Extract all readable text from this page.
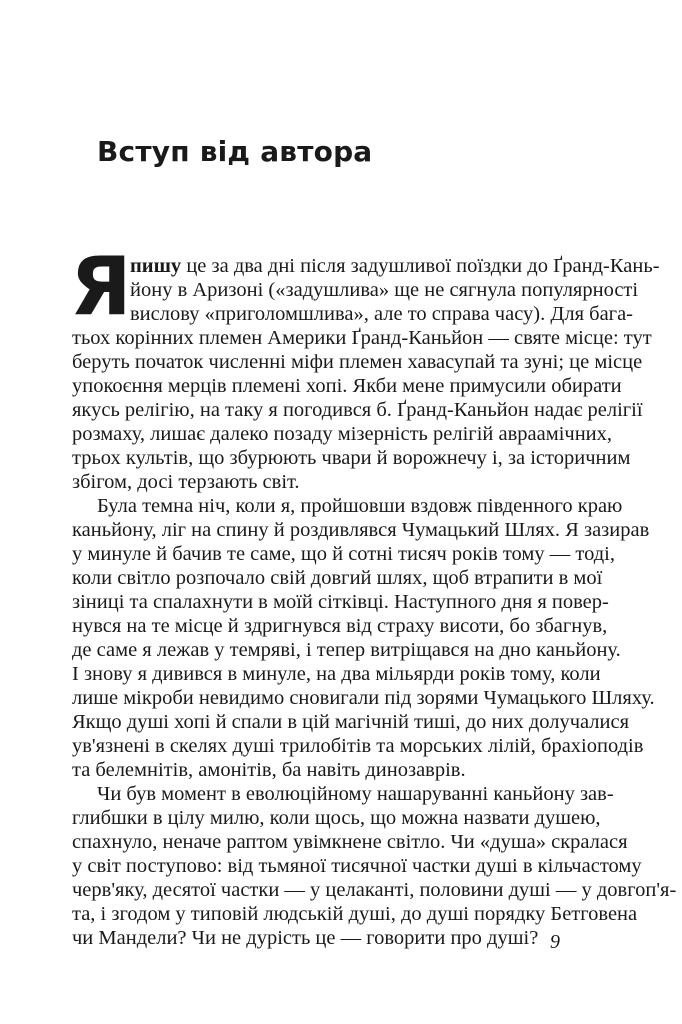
Вступ від автора
Я
пишу це за два дні після задушливої поїздки до Ґранд-Кань-
йону в Аризоні («задушлива» ще не сягнула популярності
вислову «приголомшлива», але то справа часу). Для бага-
тьох корінних племен Америки Ґранд-Каньйон — святе місце: тут
беруть початок численні міфи племен хавасупай та зуні; це місце
упокоєння мерців племені хопі. Якби мене примусили обирати
якусь релігію, на таку я погодився б. Ґранд-Каньйон надає релігії
розмаху, лишає далеко позаду мізерність релігій авраамічних,
трьох культів, що збурюють чвари й ворожнечу і, за історичним
збігом, досі терзають світ.
Була темна ніч, коли я, пройшовши вздовж південного краю
каньйону, ліг на спину й роздивлявся Чумацький Шлях. Я зазирав
у минуле й бачив те саме, що й сотні тисяч років тому — тоді,
коли світло розпочало свій довгий шлях, щоб втрапити в мої
зіниці та спалахнути в моїй сітківці. Наступного дня я повер-
нувся на те місце й здригнувся від страху висоти, бо збагнув,
де саме я лежав у темряві, і тепер витріщався на дно каньйону.
І знову я дивився в минуле, на два мільярди років тому, коли
лише мікроби невидимо сновигали під зорями Чумацького Шляху.
Якщо душі хопі й спали в цій магічній тиші, до них долучалися
ув'язнені в скелях душі трилобітів та морських лілій, брахіоподів
та белемнітів, амонітів, ба навіть динозаврів.
Чи був момент в еволюційному нашаруванні каньйону зав-
глибшки в цілу милю, коли щось, що можна назвати душею,
спахнуло, неначе раптом увімкнене світло. Чи «душа» скралася
у світ поступово: від тьмяної тисячної частки душі в кільчастому
черв'яку, десятої частки — у целаканті, половини душі — у довгоп'я-
та, і згодом у типовій людській душі, до душі порядку Бетговена
чи Мандели? Чи не дурість це — говорити про душі? 9
